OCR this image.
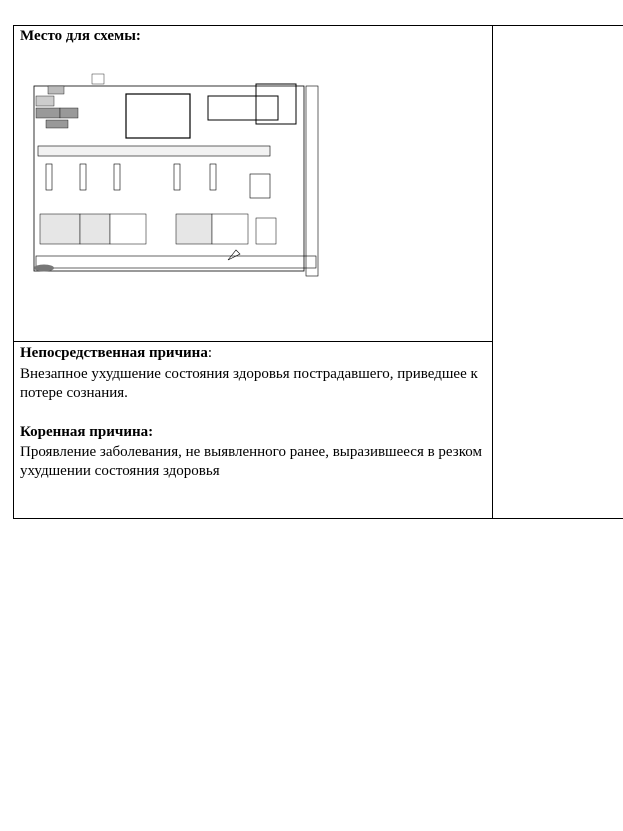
Место для схемы:
Непосредственная причина:
Внезапное ухудшение состояния здоровья пострадавшего, приведшее к потере сознания.
Коренная причина:
Проявление заболевания, не выявленного ранее, выразившееся в резком ухудшении состояния здоровья
